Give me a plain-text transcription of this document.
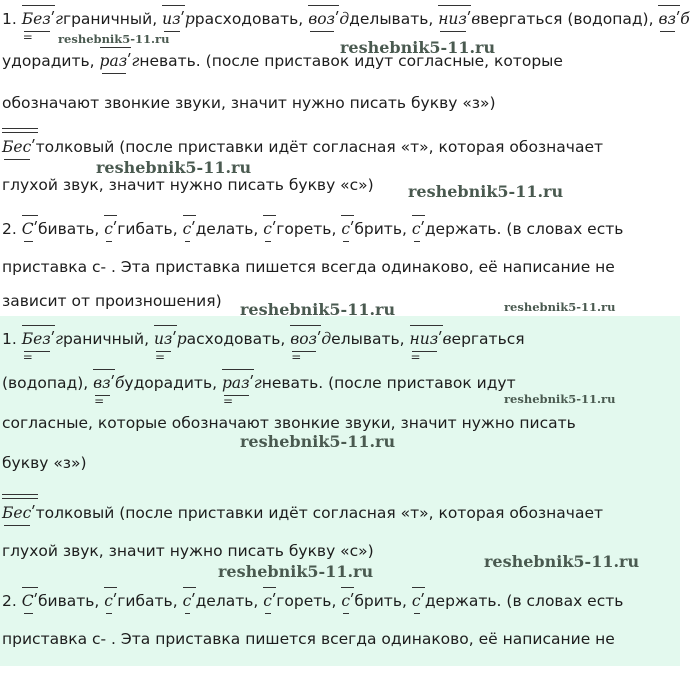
1. Безʹ
=
гграничный, изʹррасходовать, возʹдделывать, низʹввергаться (водопад), взʹб
удорадить, разʹгневать. (после приставок идут согласные, которые
обозначают звонкие звуки, значит нужно писать букву «з»)
Бесʹтолковый (после приставки идёт согласная «т», которая обозначает
глухой звук, значит нужно писать букву «с»)
2. Сʹбивать, сʹгибать, сʹделать, сʹгореть, сʹбрить, сʹдержать. (в словах есть
приставка с- . Эта приставка пишется всегда одинаково, её написание не
зависит от произношения)
1. Безʹ
=
граничный, изʹ
=
расходовать, возʹ
=
делывать, низʹ
=
вергаться
(водопад), взʹ
=
будорадить, разʹ
=
гневать. (после приставок идут
согласные, которые обозначают звонкие звуки, значит нужно писать
букву «з»)
Бесʹтолковый (после приставки идёт согласная «т», которая обозначает
глухой звук, значит нужно писать букву «с»)
2. Сʹбивать, сʹгибать, сʹделать, сʹгореть, сʹбрить, сʹдержать. (в словах есть
приставка с- . Эта приставка пишется всегда одинаково, её написание не
reshebnik5-11.ru	reshebnik5-11.ru
reshebnik5-11.ru
reshebnik5-11.ru
reshebnik5-11.ru	reshebnik5-11.ru
reshebnik5-11.ru
reshebnik5-11.ru
reshebnik5-11.ru
reshebnik5-11.ru
